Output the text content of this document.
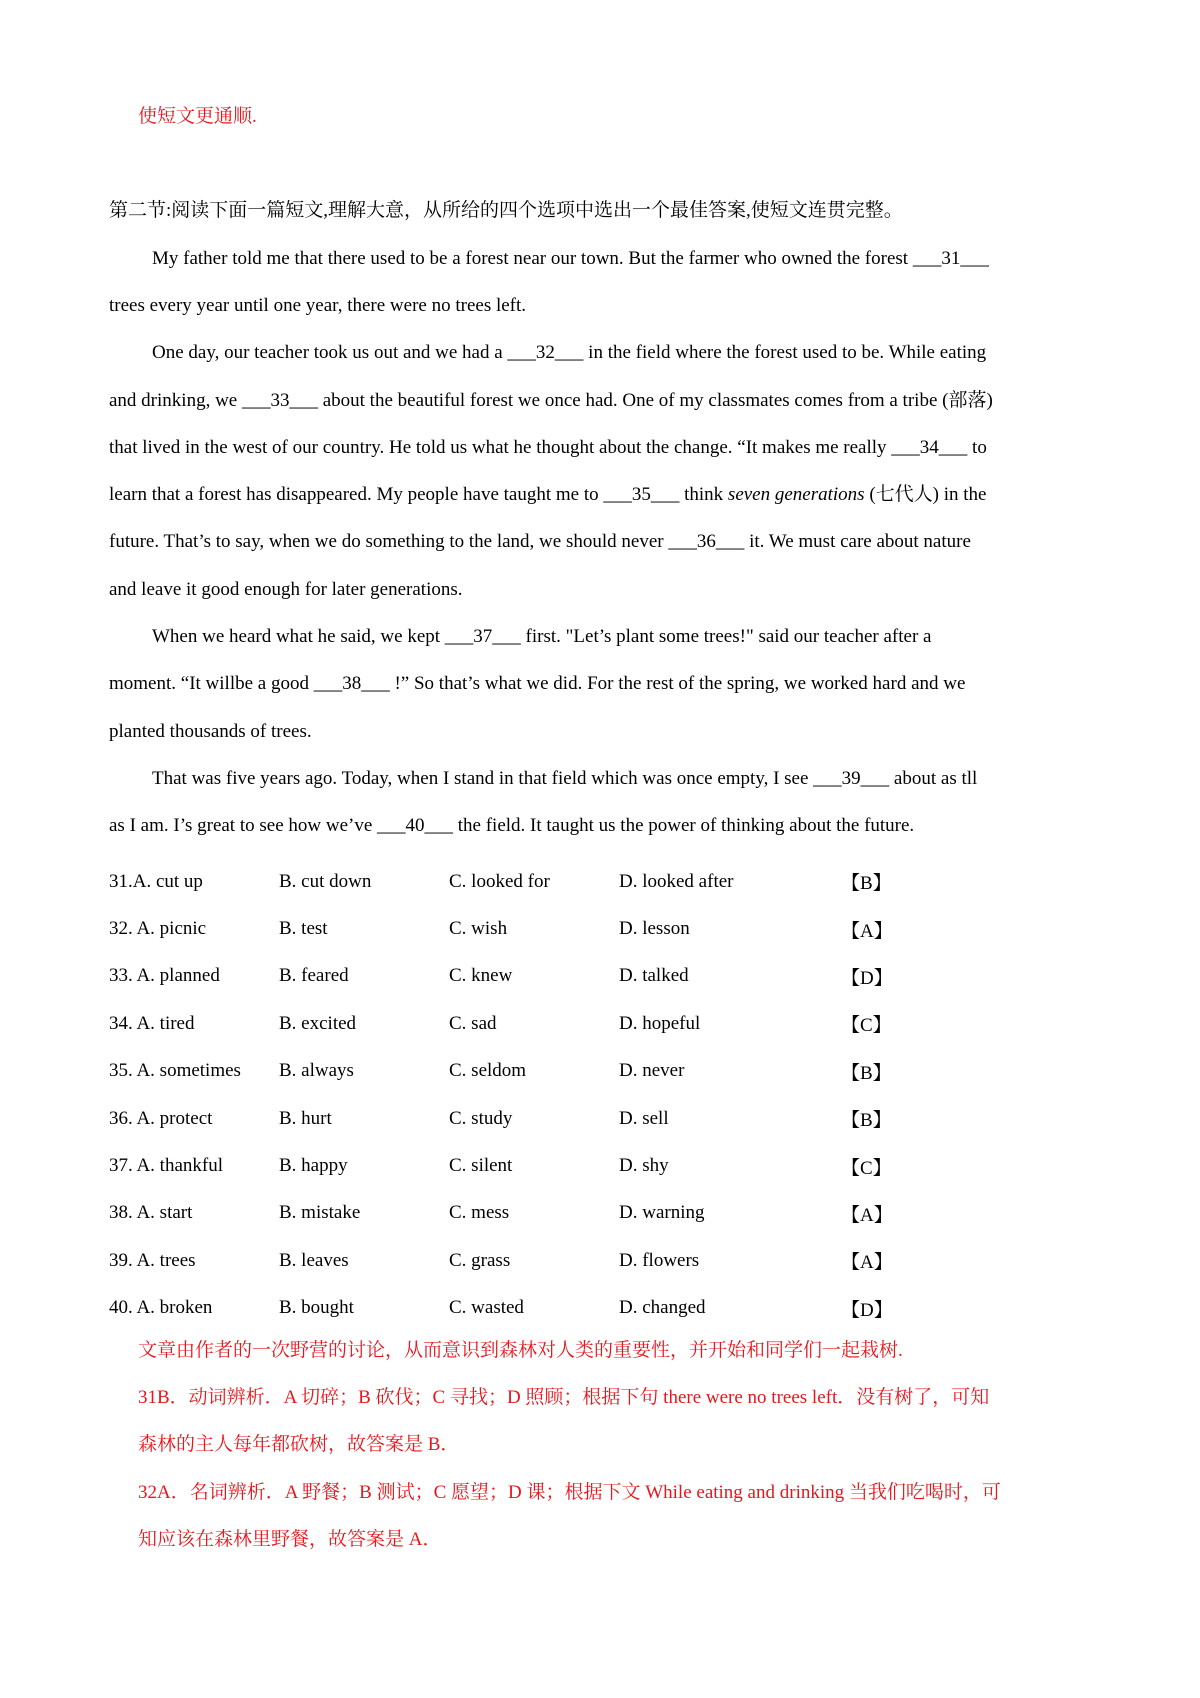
使短文更通顺.
第二节:阅读下面一篇短文,理解大意，从所给的四个选项中选出一个最佳答案,使短文连贯完整。
My father told me that there used to be a forest near our town. But the farmer who owned the forest ___31___
trees every year until one year, there were no trees left.
One day, our teacher took us out and we had a ___32___ in the field where the forest used to be. While eating
and drinking, we ___33___ about the beautiful forest we once had. One of my classmates comes from a tribe (部落)
that lived in the west of our country. He told us what he thought about the change. “It makes me really ___34___ to
learn that a forest has disappeared. My people have taught me to ___35___ think seven generations (七代人) in the
future. That’s to say, when we do something to the land, we should never ___36___ it. We must care about nature
and leave it good enough for later generations.
When we heard what he said, we kept ___37___ first. "Let’s plant some trees!" said our teacher after a
moment. “It willbe a good ___38___ !” So that’s what we did. For the rest of the spring, we worked hard and we
planted thousands of trees.
That was five years ago. Today, when I stand in that field which was once empty, I see ___39___ about as tll
as I am. I’s great to see how we’ve ___40___ the field. It taught us the power of thinking about the future.
31.A. cut up	B. cut down	C. looked for	D. looked after	【B】
32. A. picnic	B. test	C. wish	D. lesson	【A】
33. A. planned	B. feared	C. knew	D. talked	【D】
34. A. tired	B. excited	C. sad	D. hopeful	【C】
35. A. sometimes	B. always	C. seldom	D. never	【B】
36. A. protect	B. hurt	C. study	D. sell	【B】
37. A. thankful	B. happy	C. silent	D. shy	【C】
38. A. start	B. mistake	C. mess	D. warning	【A】
39. A. trees	B. leaves	C. grass	D. flowers	【A】
40. A. broken	B. bought	C. wasted	D. changed	【D】
文章由作者的一次野营的讨论，从而意识到森林对人类的重要性，并开始和同学们一起栽树.
31B．动词辨析．A 切碎；B 砍伐；C 寻找；D 照顾；根据下句 there were no trees left．没有树了，可知
森林的主人每年都砍树，故答案是 B．
32A．名词辨析．A 野餐；B 测试；C 愿望；D 课；根据下文 While eating and drinking 当我们吃喝时，可
知应该在森林里野餐，故答案是 A．
